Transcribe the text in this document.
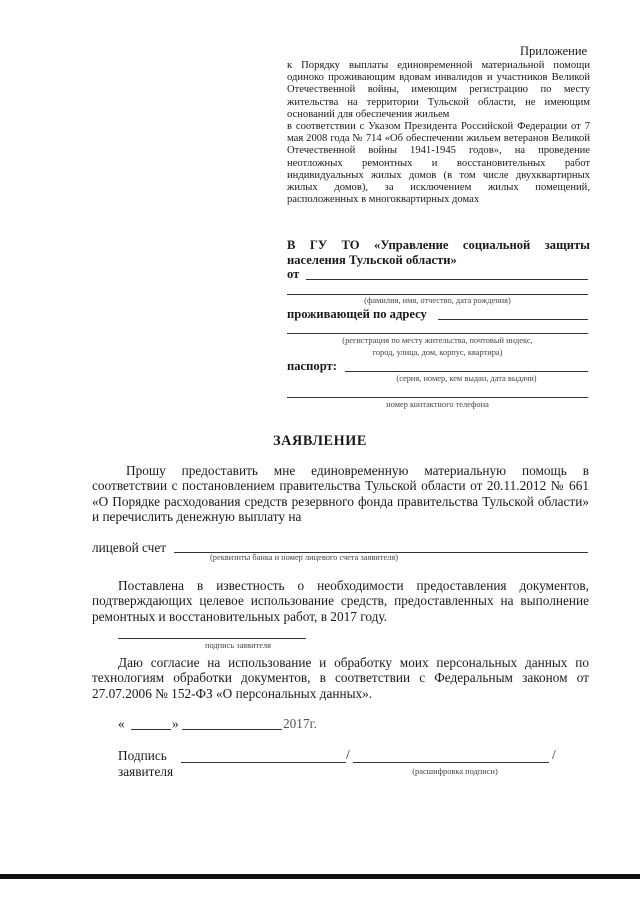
Приложение

к Порядку выплаты единовременной материальной помощи одиноко проживающим вдовам инвалидов и участников Великой Отечественной войны, имеющим регистрацию по месту жительства на территории Тульской области, не имеющим оснований для обеспечения жильем

в соответствии с Указом Президента Российской Федерации от 7 мая 2008 года № 714 «Об обеспечении жильем ветеранов Великой Отечественной войны 1941-1945 годов», на проведение неотложных ремонтных и восстановительных работ индивидуальных жилых домов (в том числе двухквартирных жилых домов), за исключением жилых помещений, расположенных в многоквартирных домах

В ГУ ТО «Управление социальной защиты населения Тульской области»
от
(фамилия, имя, отчество, дата рождения)
проживающей по адресу
(регистрация по месту жительства, почтовый индекс,
город, улица, дом, корпус, квартира)
паспорт:
(серия, номер, кем выдан, дата выдачи)
номер контактного телефона
ЗАЯВЛЕНИЕ
Прошу предоставить мне единовременную материальную помощь в соответствии с постановлением правительства Тульской области от 20.11.2012 № 661 «О Порядке расходования средств резервного фонда правительства Тульской области» и перечислить денежную выплату на
лицевой счет
(реквизиты банка и номер лицевого счета заявителя)
Поставлена в известность о необходимости предоставления документов, подтверждающих целевое использование средств, предоставленных на выполнение ремонтных и восстановительных работ, в 2017 году.
подпись заявителя
Даю согласие на использование и обработку моих персональных данных по технологиям обработки документов, в соответствии с Федеральным законом от 27.07.2006 № 152-ФЗ «О персональных данных».
«	»	2017г.
Подпись
заявителя
/	/
(расшифровка подписи)
